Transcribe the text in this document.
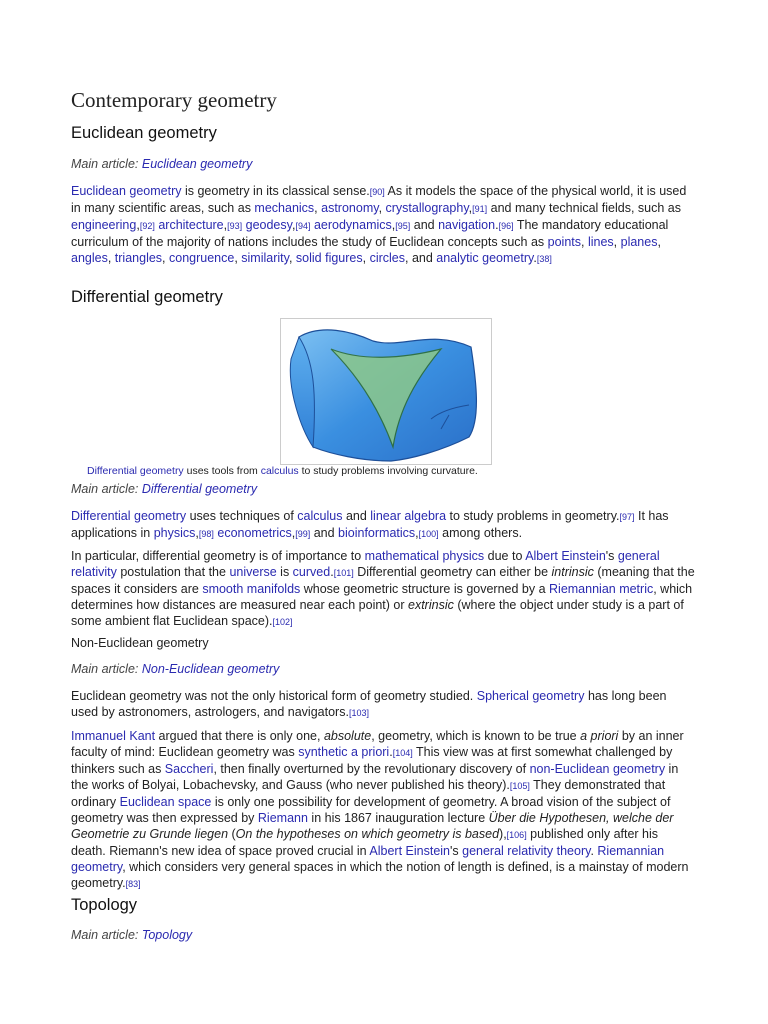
Contemporary geometry
Euclidean geometry
Main article: Euclidean geometry
Euclidean geometry is geometry in its classical sense.[90] As it models the space of the physical world, it is used in many scientific areas, such as mechanics, astronomy, crystallography,[91] and many technical fields, such as engineering,[92] architecture,[93] geodesy,[94] aerodynamics,[95] and navigation.[96] The mandatory educational curriculum of the majority of nations includes the study of Euclidean concepts such as points, lines, planes, angles, triangles, congruence, similarity, solid figures, circles, and analytic geometry.[38]
Differential geometry
Differential geometry uses tools from calculus to study problems involving curvature.
Main article: Differential geometry
Differential geometry uses techniques of calculus and linear algebra to study problems in geometry.[97] It has applications in physics,[98] econometrics,[99] and bioinformatics,[100] among others.
In particular, differential geometry is of importance to mathematical physics due to Albert Einstein's general relativity postulation that the universe is curved.[101] Differential geometry can either be intrinsic (meaning that the spaces it considers are smooth manifolds whose geometric structure is governed by a Riemannian metric, which determines how distances are measured near each point) or extrinsic (where the object under study is a part of some ambient flat Euclidean space).[102]
Non-Euclidean geometry
Main article: Non-Euclidean geometry
Euclidean geometry was not the only historical form of geometry studied. Spherical geometry has long been used by astronomers, astrologers, and navigators.[103]
Immanuel Kant argued that there is only one, absolute, geometry, which is known to be true a priori by an inner faculty of mind: Euclidean geometry was synthetic a priori.[104] This view was at first somewhat challenged by thinkers such as Saccheri, then finally overturned by the revolutionary discovery of non-Euclidean geometry in the works of Bolyai, Lobachevsky, and Gauss (who never published his theory).[105] They demonstrated that ordinary Euclidean space is only one possibility for development of geometry. A broad vision of the subject of geometry was then expressed by Riemann in his 1867 inauguration lecture Über die Hypothesen, welche der Geometrie zu Grunde liegen (On the hypotheses on which geometry is based),[106] published only after his death. Riemann's new idea of space proved crucial in Albert Einstein's general relativity theory. Riemannian geometry, which considers very general spaces in which the notion of length is defined, is a mainstay of modern geometry.[83]
Topology
Main article: Topology
